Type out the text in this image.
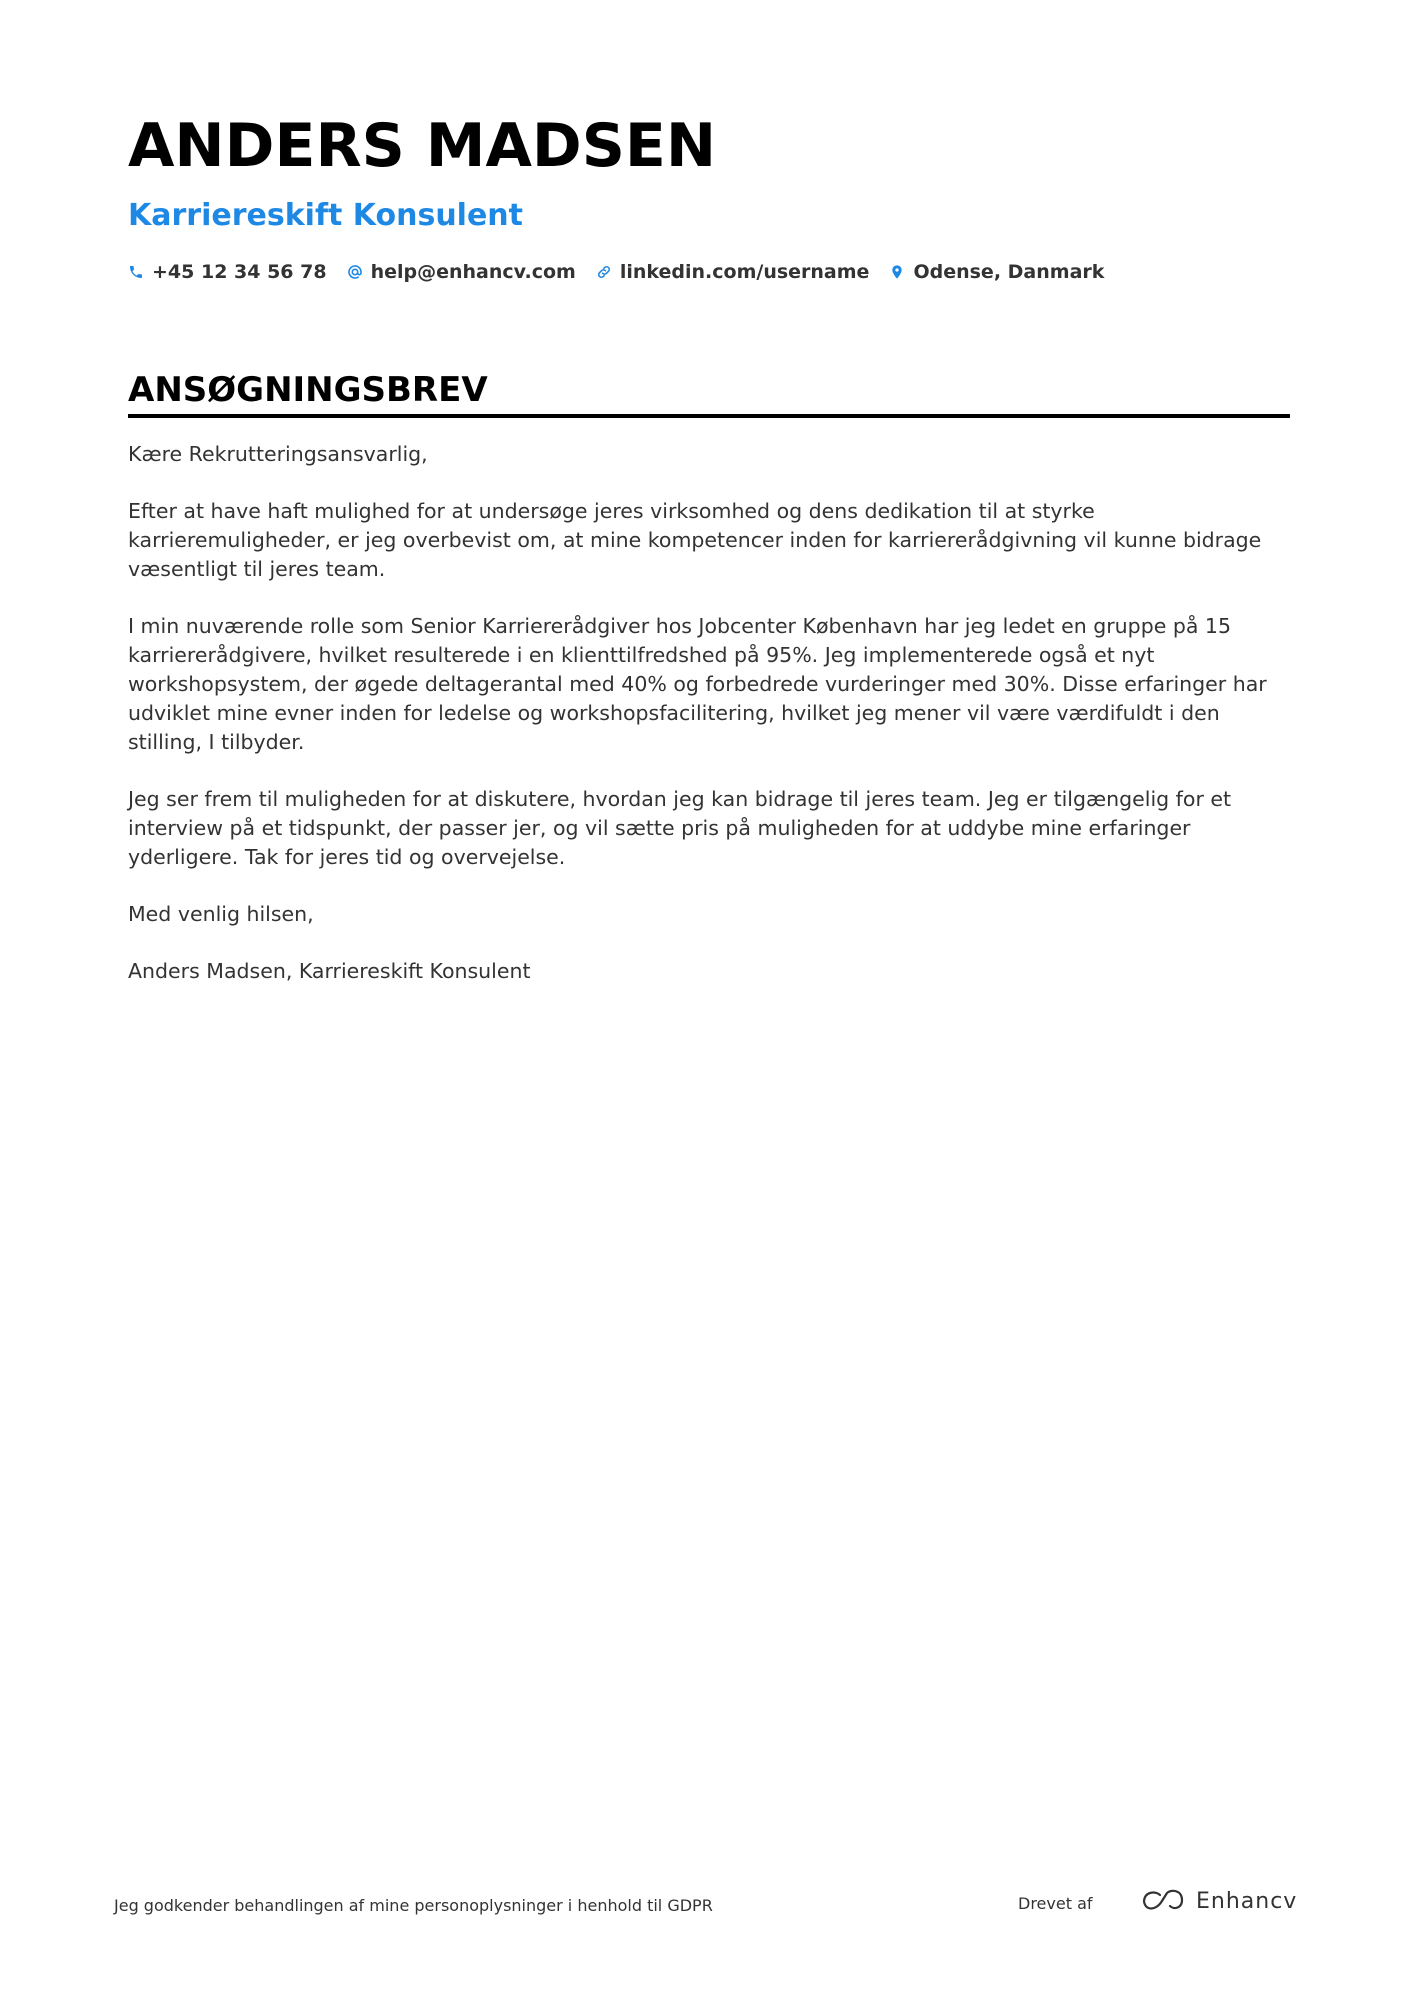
ANDERS MADSEN
Karriereskift Konsulent
+45 12 34 56 78 help@enhancv.com linkedin.com/username Odense, Danmark
ANSØGNINGSBREV

Kære Rekrutteringsansvarlig,

Efter at have haft mulighed for at undersøge jeres virksomhed og dens dedikation til at styrke karrieremuligheder, er jeg overbevist om, at mine kompetencer inden for karriererådgivning vil kunne bidrage væsentligt til jeres team.

I min nuværende rolle som Senior Karriererådgiver hos Jobcenter København har jeg ledet en gruppe på 15 karriererådgivere, hvilket resulterede i en klienttilfredshed på 95%. Jeg implementerede også et nyt workshopsystem, der øgede deltagerantal med 40% og forbedrede vurderinger med 30%. Disse erfaringer har udviklet mine evner inden for ledelse og workshopsfacilitering, hvilket jeg mener vil være værdifuldt i den stilling, I tilbyder.

Jeg ser frem til muligheden for at diskutere, hvordan jeg kan bidrage til jeres team. Jeg er tilgængelig for et interview på et tidspunkt, der passer jer, og vil sætte pris på muligheden for at uddybe mine erfaringer yderligere. Tak for jeres tid og overvejelse.

Med venlig hilsen,

Anders Madsen, Karriereskift Konsulent

Jeg godkender behandlingen af mine personoplysninger i henhold til GDPR	Drevet af	Enhancv
